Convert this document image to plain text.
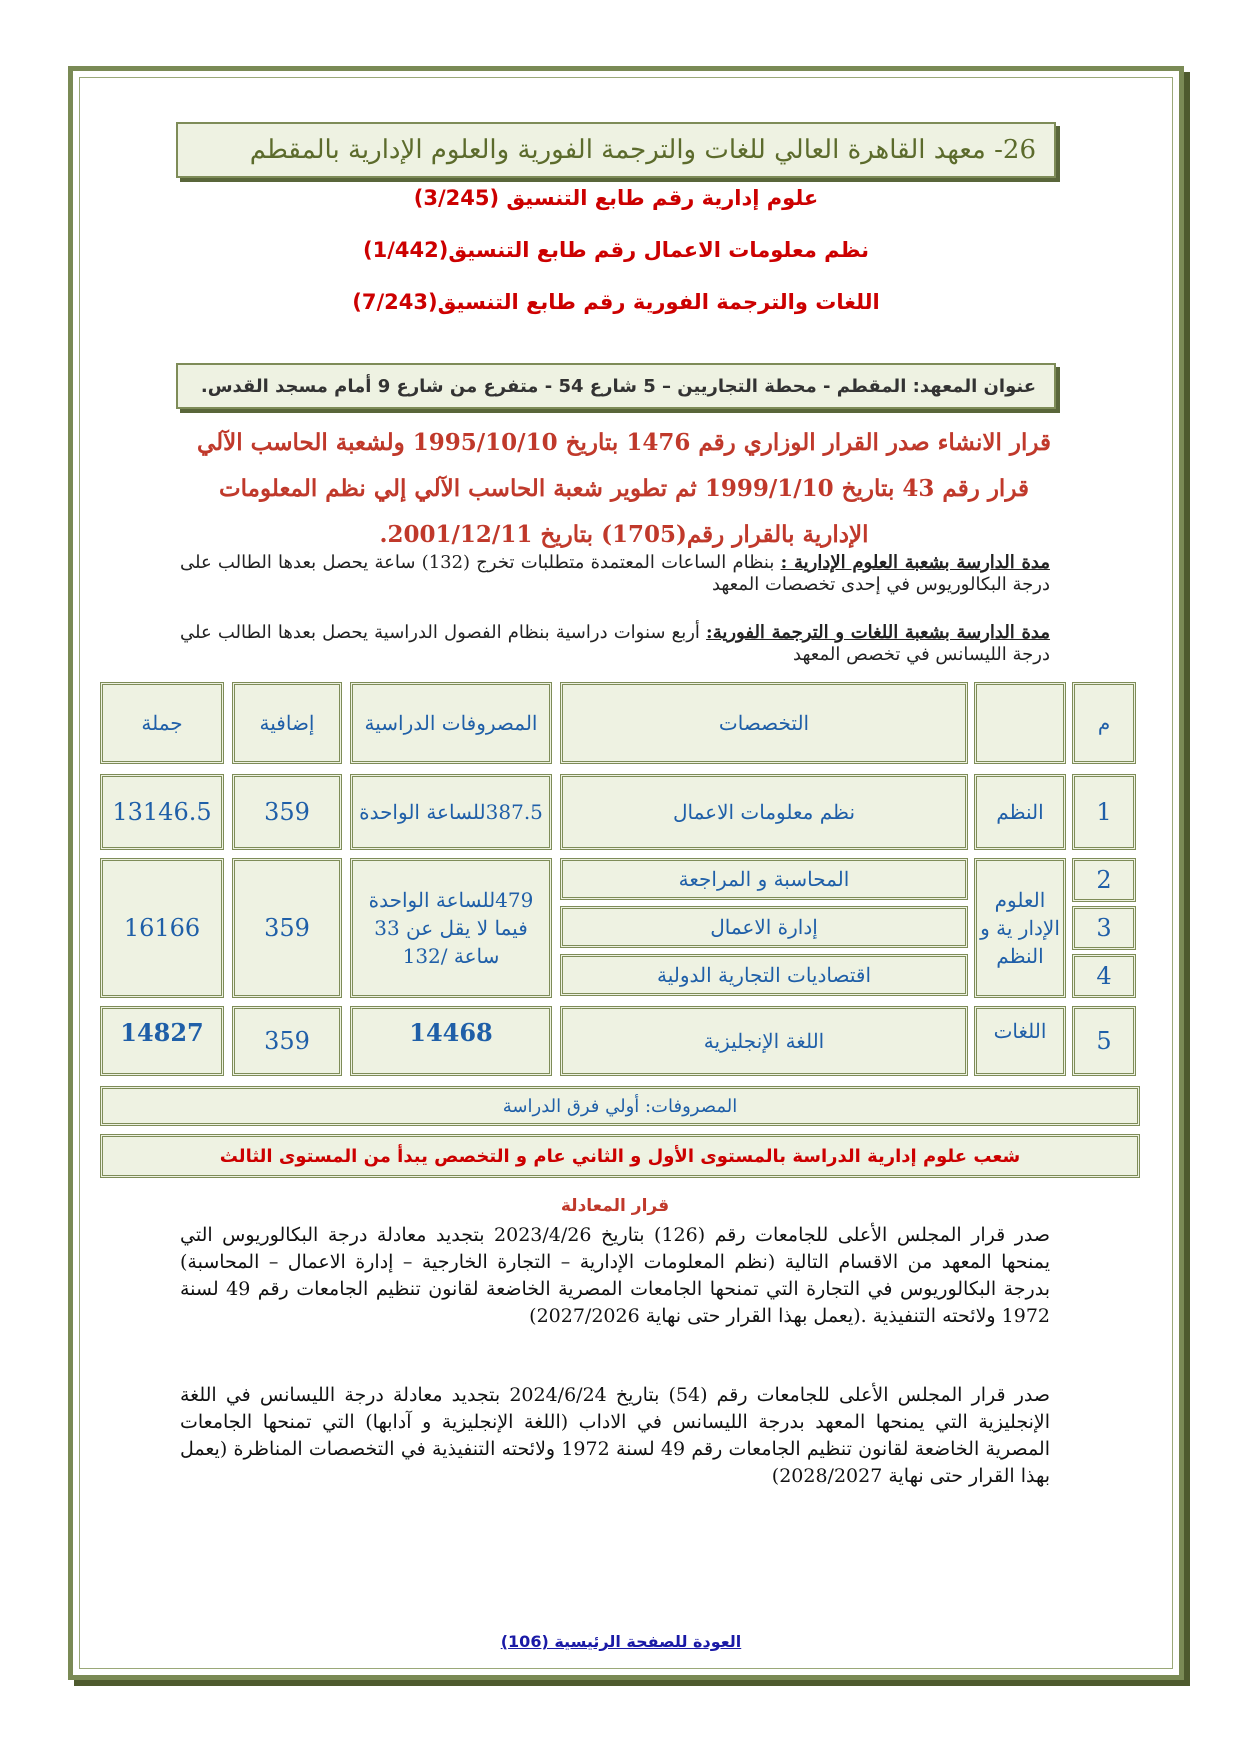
26- معهد القاهرة العالي للغات والترجمة الفورية والعلوم الإدارية بالمقطم
علوم إدارية رقم طابع التنسيق (3/245)
نظم معلومات الاعمال رقم طابع التنسيق(1/442)
اللغات والترجمة الفورية رقم طابع التنسيق(7/243)
عنوان المعهد: المقطم - محطة التجاريين – 5 شارع 54 - متفرع من شارع 9 أمام مسجد القدس.
قرار الانشاء صدر القرار الوزاري رقم 1476 بتاريخ 1995/10/10 ولشعبة الحاسب الآلي قرار رقم 43 بتاريخ 1999/1/10 ثم تطوير شعبة الحاسب الآلي إلي نظم المعلومات الإدارية بالقرار رقم(1705) بتاريخ 2001/12/11.
مدة الدارسة بشعبة العلوم الإدارية : بنظام الساعات المعتمدة متطلبات تخرج (132) ساعة يحصل بعدها الطالب على درجة البكالوريوس في إحدى تخصصات المعهد
مدة الدارسة بشعبة اللغات و الترجمة الفورية: أربع سنوات دراسية بنظام الفصول الدراسية يحصل بعدها الطالب علي درجة الليسانس في تخصص المعهد
م
التخصصات
المصروفات الدراسية
إضافية
جملة
1
النظم
نظم معلومات الاعمال
387.5للساعة الواحدة
359
13146.5
2
3
4
العلوم الإدار ية و النظم
المحاسبة و المراجعة
إدارة الاعمال
اقتصاديات التجارية الدولية
479للساعة الواحدة فيما لا يقل عن 33 ساعة /132
359
16166
5
اللغات
اللغة الإنجليزية
14468
359
14827
المصروفات: أولي فرق الدراسة
شعب علوم إدارية الدراسة بالمستوى الأول و الثاني عام و التخصص يبدأ من المستوى الثالث
قرار المعادلة
صدر قرار المجلس الأعلى للجامعات رقم (126) بتاريخ 2023/4/26 بتجديد معادلة درجة البكالوريوس التي يمنحها المعهد من الاقسام التالية (نظم المعلومات الإدارية – التجارة الخارجية – إدارة الاعمال – المحاسبة) بدرجة البكالوريوس في التجارة التي تمنحها الجامعات المصرية الخاضعة لقانون تنظيم الجامعات رقم 49 لسنة 1972 ولائحته التنفيذية .(يعمل بهذا القرار حتى نهاية 2027/2026)
صدر قرار المجلس الأعلى للجامعات رقم (54) بتاريخ 2024/6/24 بتجديد معادلة درجة الليسانس في اللغة الإنجليزية التي يمنحها المعهد بدرجة الليسانس في الاداب (اللغة الإنجليزية و آدابها) التي تمنحها الجامعات المصرية الخاضعة لقانون تنظيم الجامعات رقم 49 لسنة 1972 ولائحته التنفيذية في التخصصات المناظرة (يعمل بهذا القرار حتى نهاية 2028/2027)
العودة للصفحة الرئيسية (106)
